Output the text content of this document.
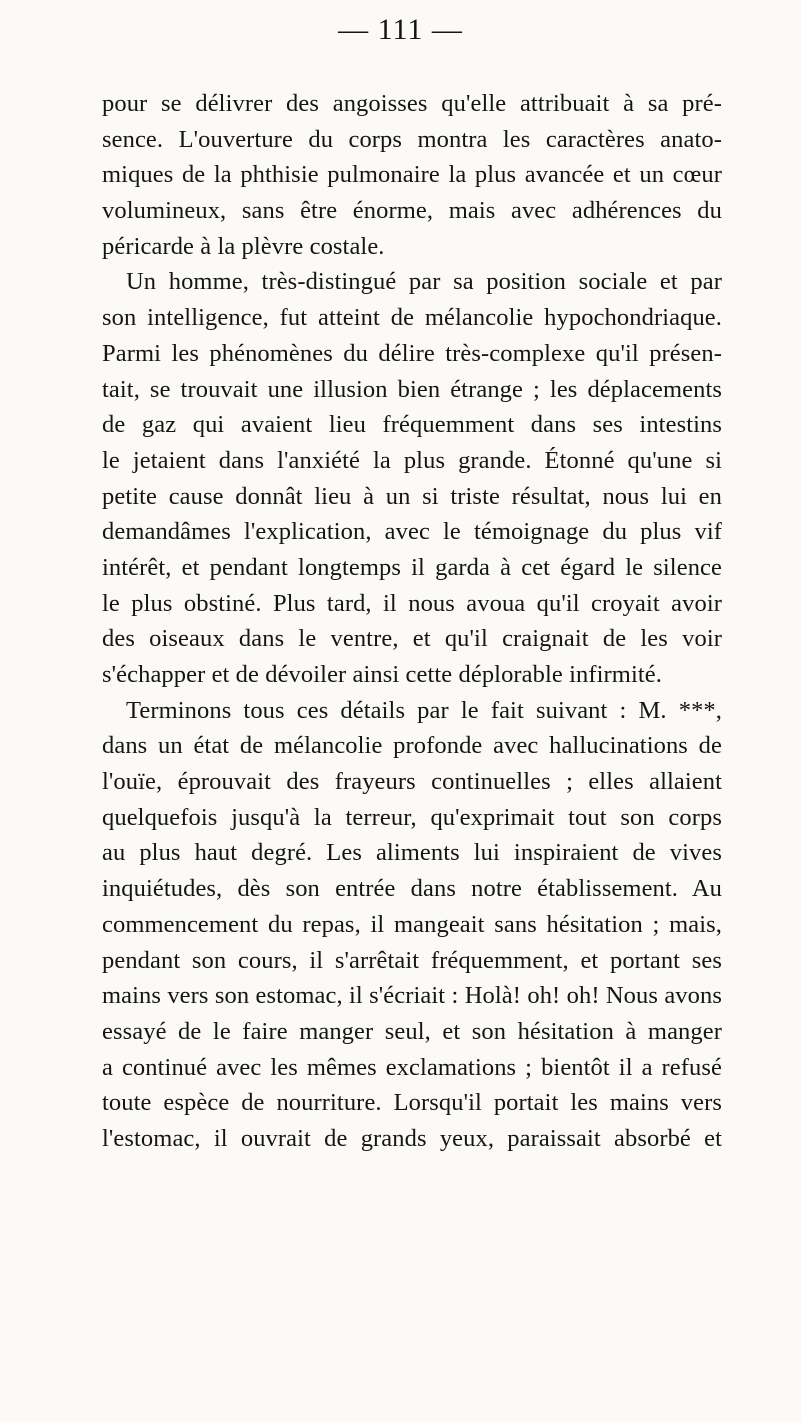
— 111 —
pour se délivrer des angoisses qu'elle attribuait à sa pré-
sence. L'ouverture du corps montra les caractères anato-
miques de la phthisie pulmonaire la plus avancée et un cœur
volumineux, sans être énorme, mais avec adhérences du
péricarde à la plèvre costale.
Un homme, très-distingué par sa position sociale et par
son intelligence, fut atteint de mélancolie hypochondriaque.
Parmi les phénomènes du délire très-complexe qu'il présen-
tait, se trouvait une illusion bien étrange ; les déplacements
de gaz qui avaient lieu fréquemment dans ses intestins
le jetaient dans l'anxiété la plus grande. Étonné qu'une si
petite cause donnât lieu à un si triste résultat, nous lui en
demandâmes l'explication, avec le témoignage du plus vif
intérêt, et pendant longtemps il garda à cet égard le silence
le plus obstiné. Plus tard, il nous avoua qu'il croyait avoir
des oiseaux dans le ventre, et qu'il craignait de les voir
s'échapper et de dévoiler ainsi cette déplorable infirmité.
Terminons tous ces détails par le fait suivant : M. ***,
dans un état de mélancolie profonde avec hallucinations de
l'ouïe, éprouvait des frayeurs continuelles ; elles allaient
quelquefois jusqu'à la terreur, qu'exprimait tout son corps
au plus haut degré. Les aliments lui inspiraient de vives
inquiétudes, dès son entrée dans notre établissement. Au
commencement du repas, il mangeait sans hésitation ; mais,
pendant son cours, il s'arrêtait fréquemment, et portant ses
mains vers son estomac, il s'écriait : Holà! oh! oh! Nous avons
essayé de le faire manger seul, et son hésitation à manger
a continué avec les mêmes exclamations ; bientôt il a refusé
toute espèce de nourriture. Lorsqu'il portait les mains vers
l'estomac, il ouvrait de grands yeux, paraissait absorbé et
